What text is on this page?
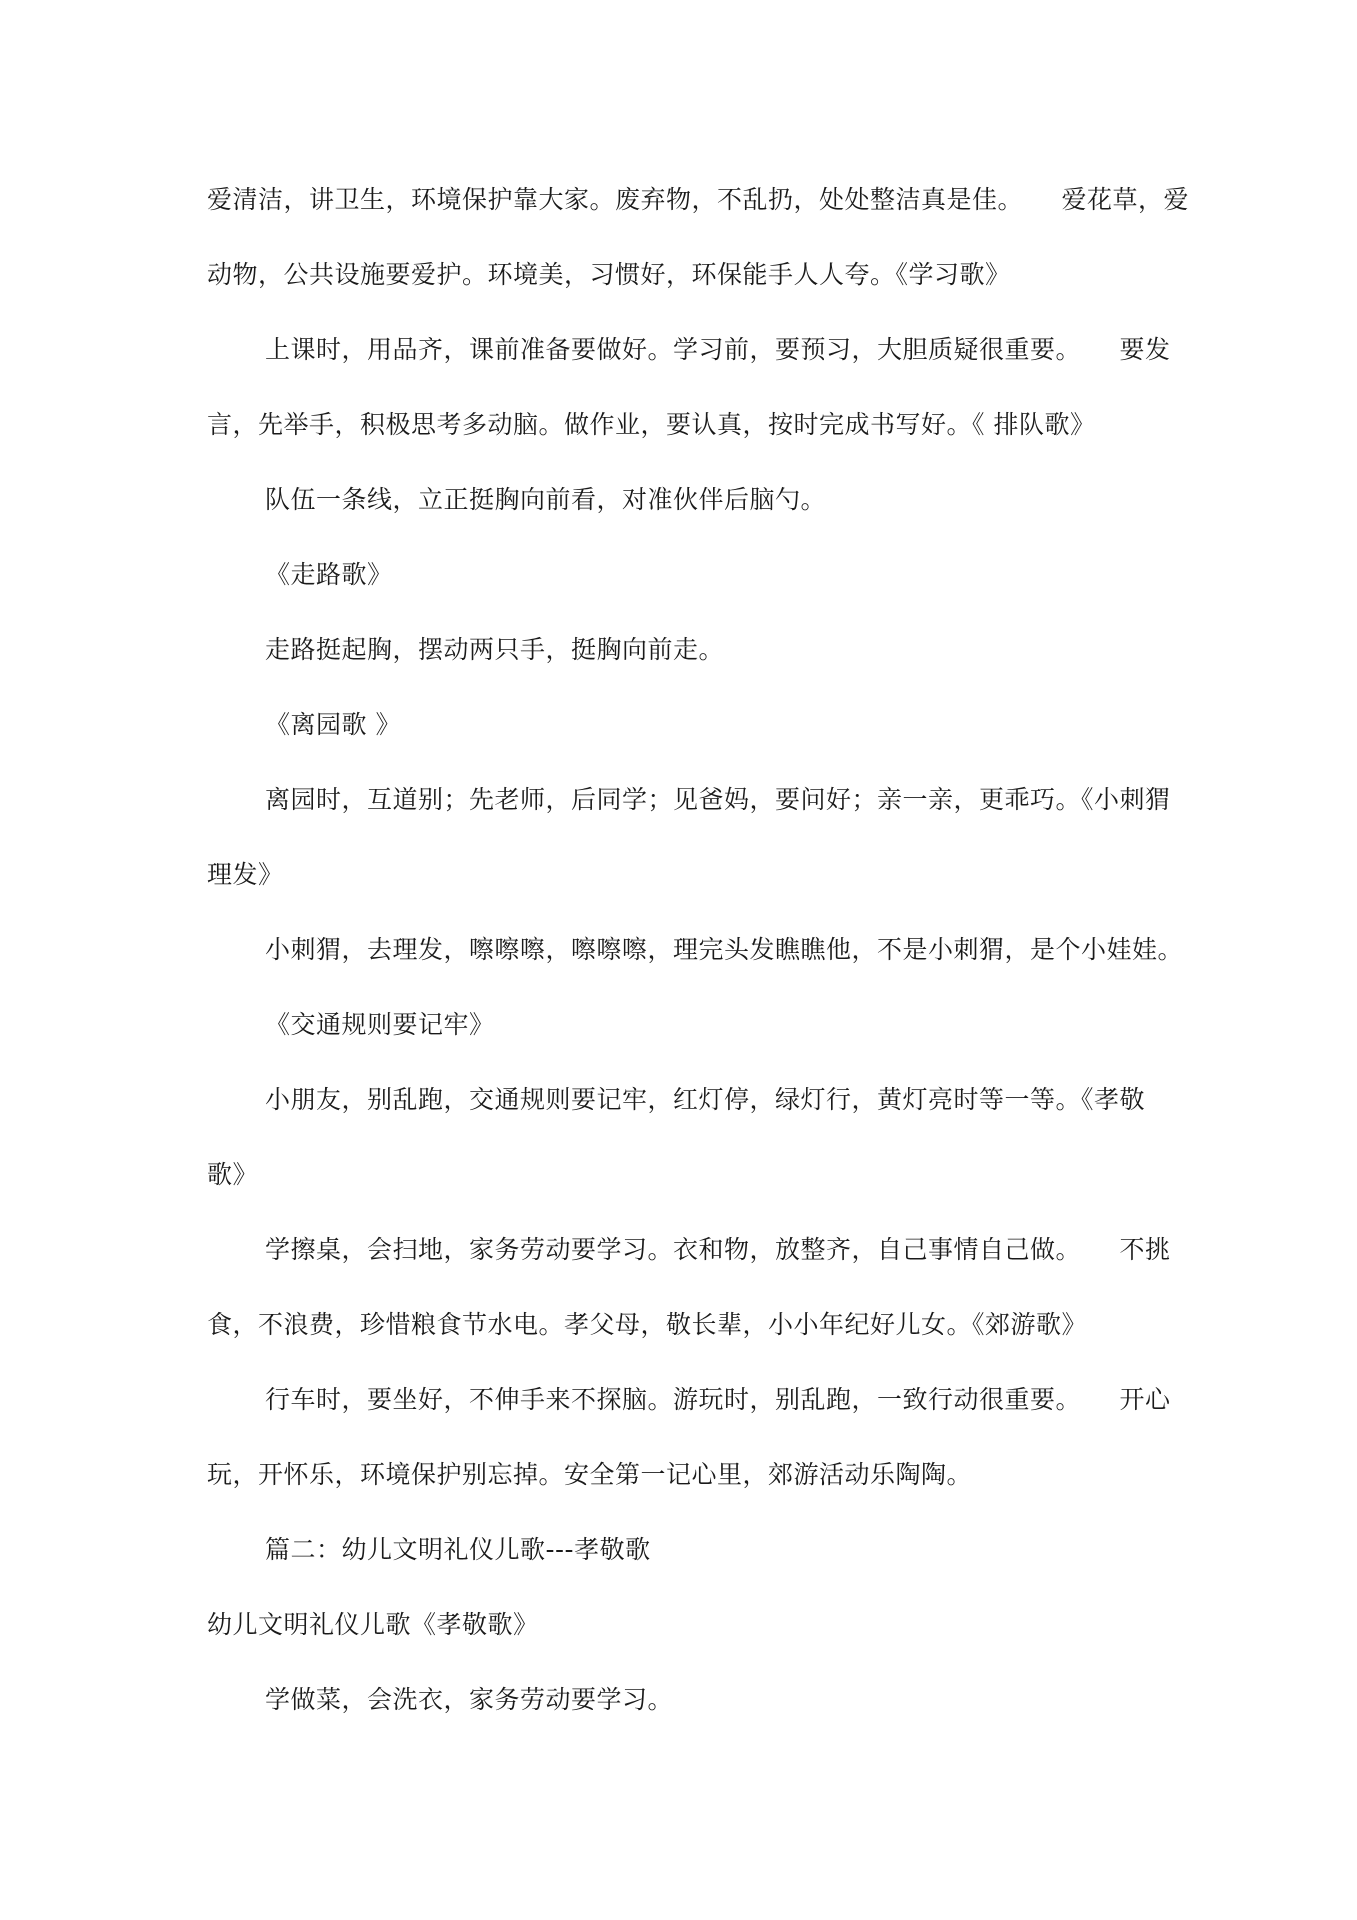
爱清洁，讲卫生，环境保护靠大家。废弃物，不乱扔，处处整洁真是佳。　　爱花草，爱
动物，公共设施要爱护。环境美，习惯好，环保能手人人夸。《学习歌》
上课时，用品齐，课前准备要做好。学习前，要预习，大胆质疑很重要。　　要发
言，先举手，积极思考多动脑。做作业，要认真，按时完成书写好。《 排队歌》
队伍一条线，立正挺胸向前看，对准伙伴后脑勺。
《走路歌》
走路挺起胸，摆动两只手，挺胸向前走。
《离园歌 》
离园时，互道别；先老师，后同学；见爸妈，要问好；亲一亲，更乖巧。《小刺猬
理发》
小刺猬，去理发，嚓嚓嚓，嚓嚓嚓，理完头发瞧瞧他，不是小刺猬，是个小娃娃。
《交通规则要记牢》
小朋友，别乱跑，交通规则要记牢，红灯停，绿灯行，黄灯亮时等一等。《孝敬
歌》
学擦桌，会扫地，家务劳动要学习。衣和物，放整齐，自己事情自己做。　　不挑
食，不浪费，珍惜粮食节水电。孝父母，敬长辈，小小年纪好儿女。《郊游歌》
行车时，要坐好，不伸手来不探脑。游玩时，别乱跑，一致行动很重要。　　开心
玩，开怀乐，环境保护别忘掉。安全第一记心里，郊游活动乐陶陶。
篇二：幼儿文明礼仪儿歌---孝敬歌
幼儿文明礼仪儿歌《孝敬歌》
学做菜，会洗衣，家务劳动要学习。
